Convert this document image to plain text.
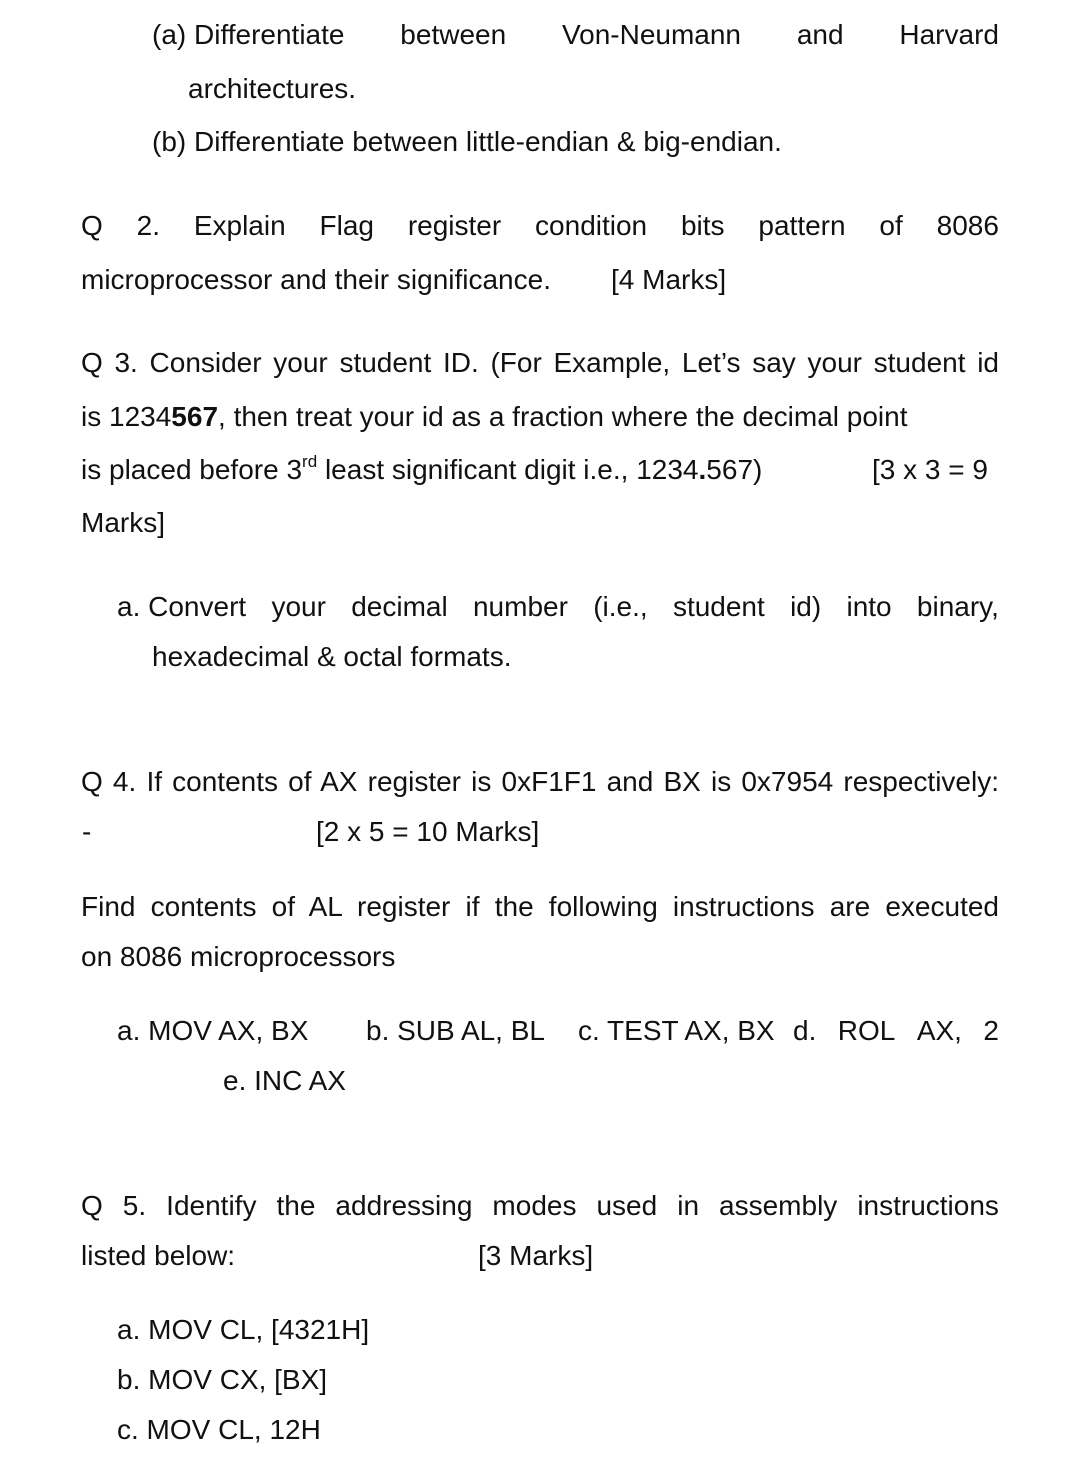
(a) Differentiate between Von-Neumann and Harvard
architectures.
(b) Differentiate between little-endian & big-endian.
Q 2. Explain Flag register condition bits pattern of 8086
microprocessor and their significance. [4 Marks]
Q 3. Consider your student ID. (For Example, Let’s say your student id
is 1234567, then treat your id as a fraction where the decimal point
is placed before 3rd least significant digit i.e., 1234.567)	[3 x 3 = 9
Marks]
a. Convert your decimal number (i.e., student id) into binary,
hexadecimal & octal formats.
Q 4. If contents of AX register is 0xF1F1 and BX is 0x7954 respectively:
-	[2 x 5 = 10 Marks]
Find contents of AL register if the following instructions are executed
on 8086 microprocessors
a. MOV AX, BX b. SUB AL, BL c. TEST AX, BX d. ROL AX, 2
e. INC AX
Q 5. Identify the addressing modes used in assembly instructions
listed below:	[3 Marks]
a. MOV CL, [4321H]
b. MOV CX, [BX]
c. MOV CL, 12H
